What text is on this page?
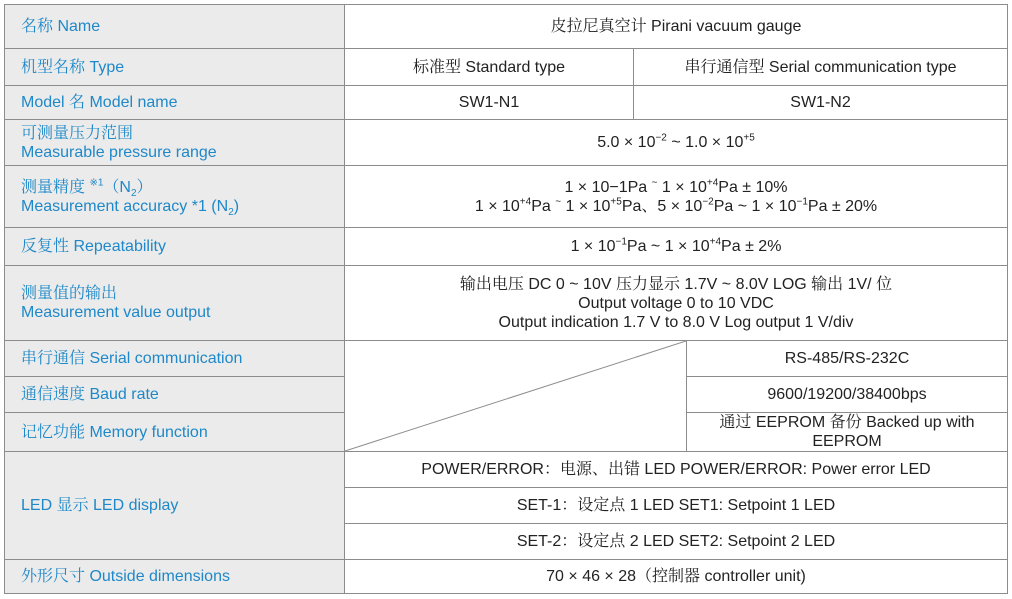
名称 Name	皮拉尼真空计 Pirani vacuum gauge		
机型名称 Type	标准型 Standard type	串行通信型 Serial communication type	
Model 名 Model name	SW1-N1	SW1-N2	

可测量压力范围
Measurable pressure range	$5.0 \times 10^{-2}$ ~ $1.0 \times 10^{+5}$

测量精度 $^{※1}(N_2)$
Measurement accuracy *1 $(N_2)$	1 × 10−1Pa ~ $1 \times 10^{+4}Pa \pm 10\%$
$1 \times 10^{+4}Pa$ ~ $1 \times 10^{+5}Pa$、$5 \times 10^{-2}Pa$ ~ $1 \times 10^{-1}Pa \pm 20\%$		

反复性 Repeatability	$1 \times 10^{-1}Pa$ ~ $1 \times 10^{+4}Pa \pm 2\%$		

测量值的输出
Measurement value output	输出电压 DC 0 ~ 10V 压力显示 1.7V ~ 8.0V LOG 输出 1V/ 位
Output voltage 0 to 10 VDC
Output indication 1.7 V to 8.0 V Log output 1 V/div		

串行通信 Serial communication			RS-485/RS-232C
通信速度 Baud rate			9600/19200/38400bps
记忆功能 Memory function			通过 EEPROM 备份 Backed up with EEPROM
LED 显示 LED display	POWER/ERROR：电源、出错 LED POWER/ERROR: Power error LED		
	SET-1：设定点 1 LED SET1: Setpoint 1 LED		
	SET-2：设定点 2 LED SET2: Setpoint 2 LED		
外形尺寸 Outside dimensions	70 × 46 × 28（控制器 controller unit)		
